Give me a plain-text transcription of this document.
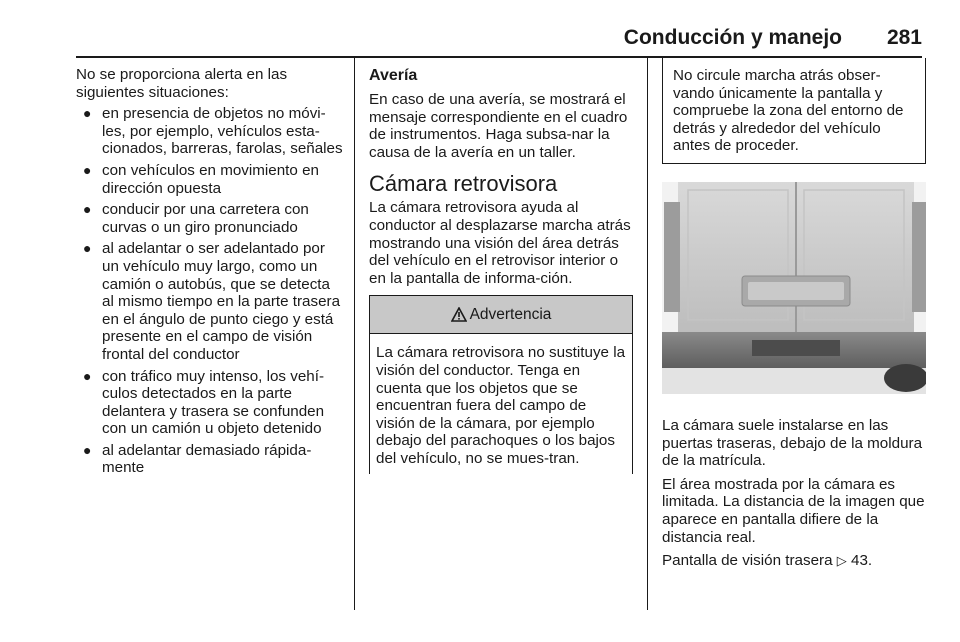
Conducción y manejo 281
No se proporciona alerta en las siguientes situaciones:
● en presencia de objetos no móvi-les, por ejemplo, vehículos esta-cionados, barreras, farolas, señales
● con vehículos en movimiento en dirección opuesta
● conducir por una carretera con curvas o un giro pronunciado
● al adelantar o ser adelantado por un vehículo muy largo, como un camión o autobús, que se detecta al mismo tiempo en la parte trasera en el ángulo de punto ciego y está presente en el campo de visión frontal del conductor
● con tráfico muy intenso, los vehí-culos detectados en la parte delantera y trasera se confunden con un camión u objeto detenido
● al adelantar demasiado rápida-mente
Avería
En caso de una avería, se mostrará el mensaje correspondiente en el cuadro de instrumentos. Haga subsa-nar la causa de la avería en un taller.
Cámara retrovisora
La cámara retrovisora ayuda al conductor al desplazarse marcha atrás mostrando una visión del área detrás del vehículo en el retrovisor interior o en la pantalla de informa-ción.
Advertencia
La cámara retrovisora no sustituye la visión del conductor. Tenga en cuenta que los objetos que se encuentran fuera del campo de visión de la cámara, por ejemplo debajo del parachoques o los bajos del vehículo, no se mues-tran.
No circule marcha atrás obser-vando únicamente la pantalla y compruebe la zona del entorno de detrás y alrededor del vehículo antes de proceder.
La cámara suele instalarse en las puertas traseras, debajo de la moldura de la matrícula.
El área mostrada por la cámara es limitada. La distancia de la imagen que aparece en pantalla difiere de la distancia real.
Pantalla de visión trasera ▷ 43.
